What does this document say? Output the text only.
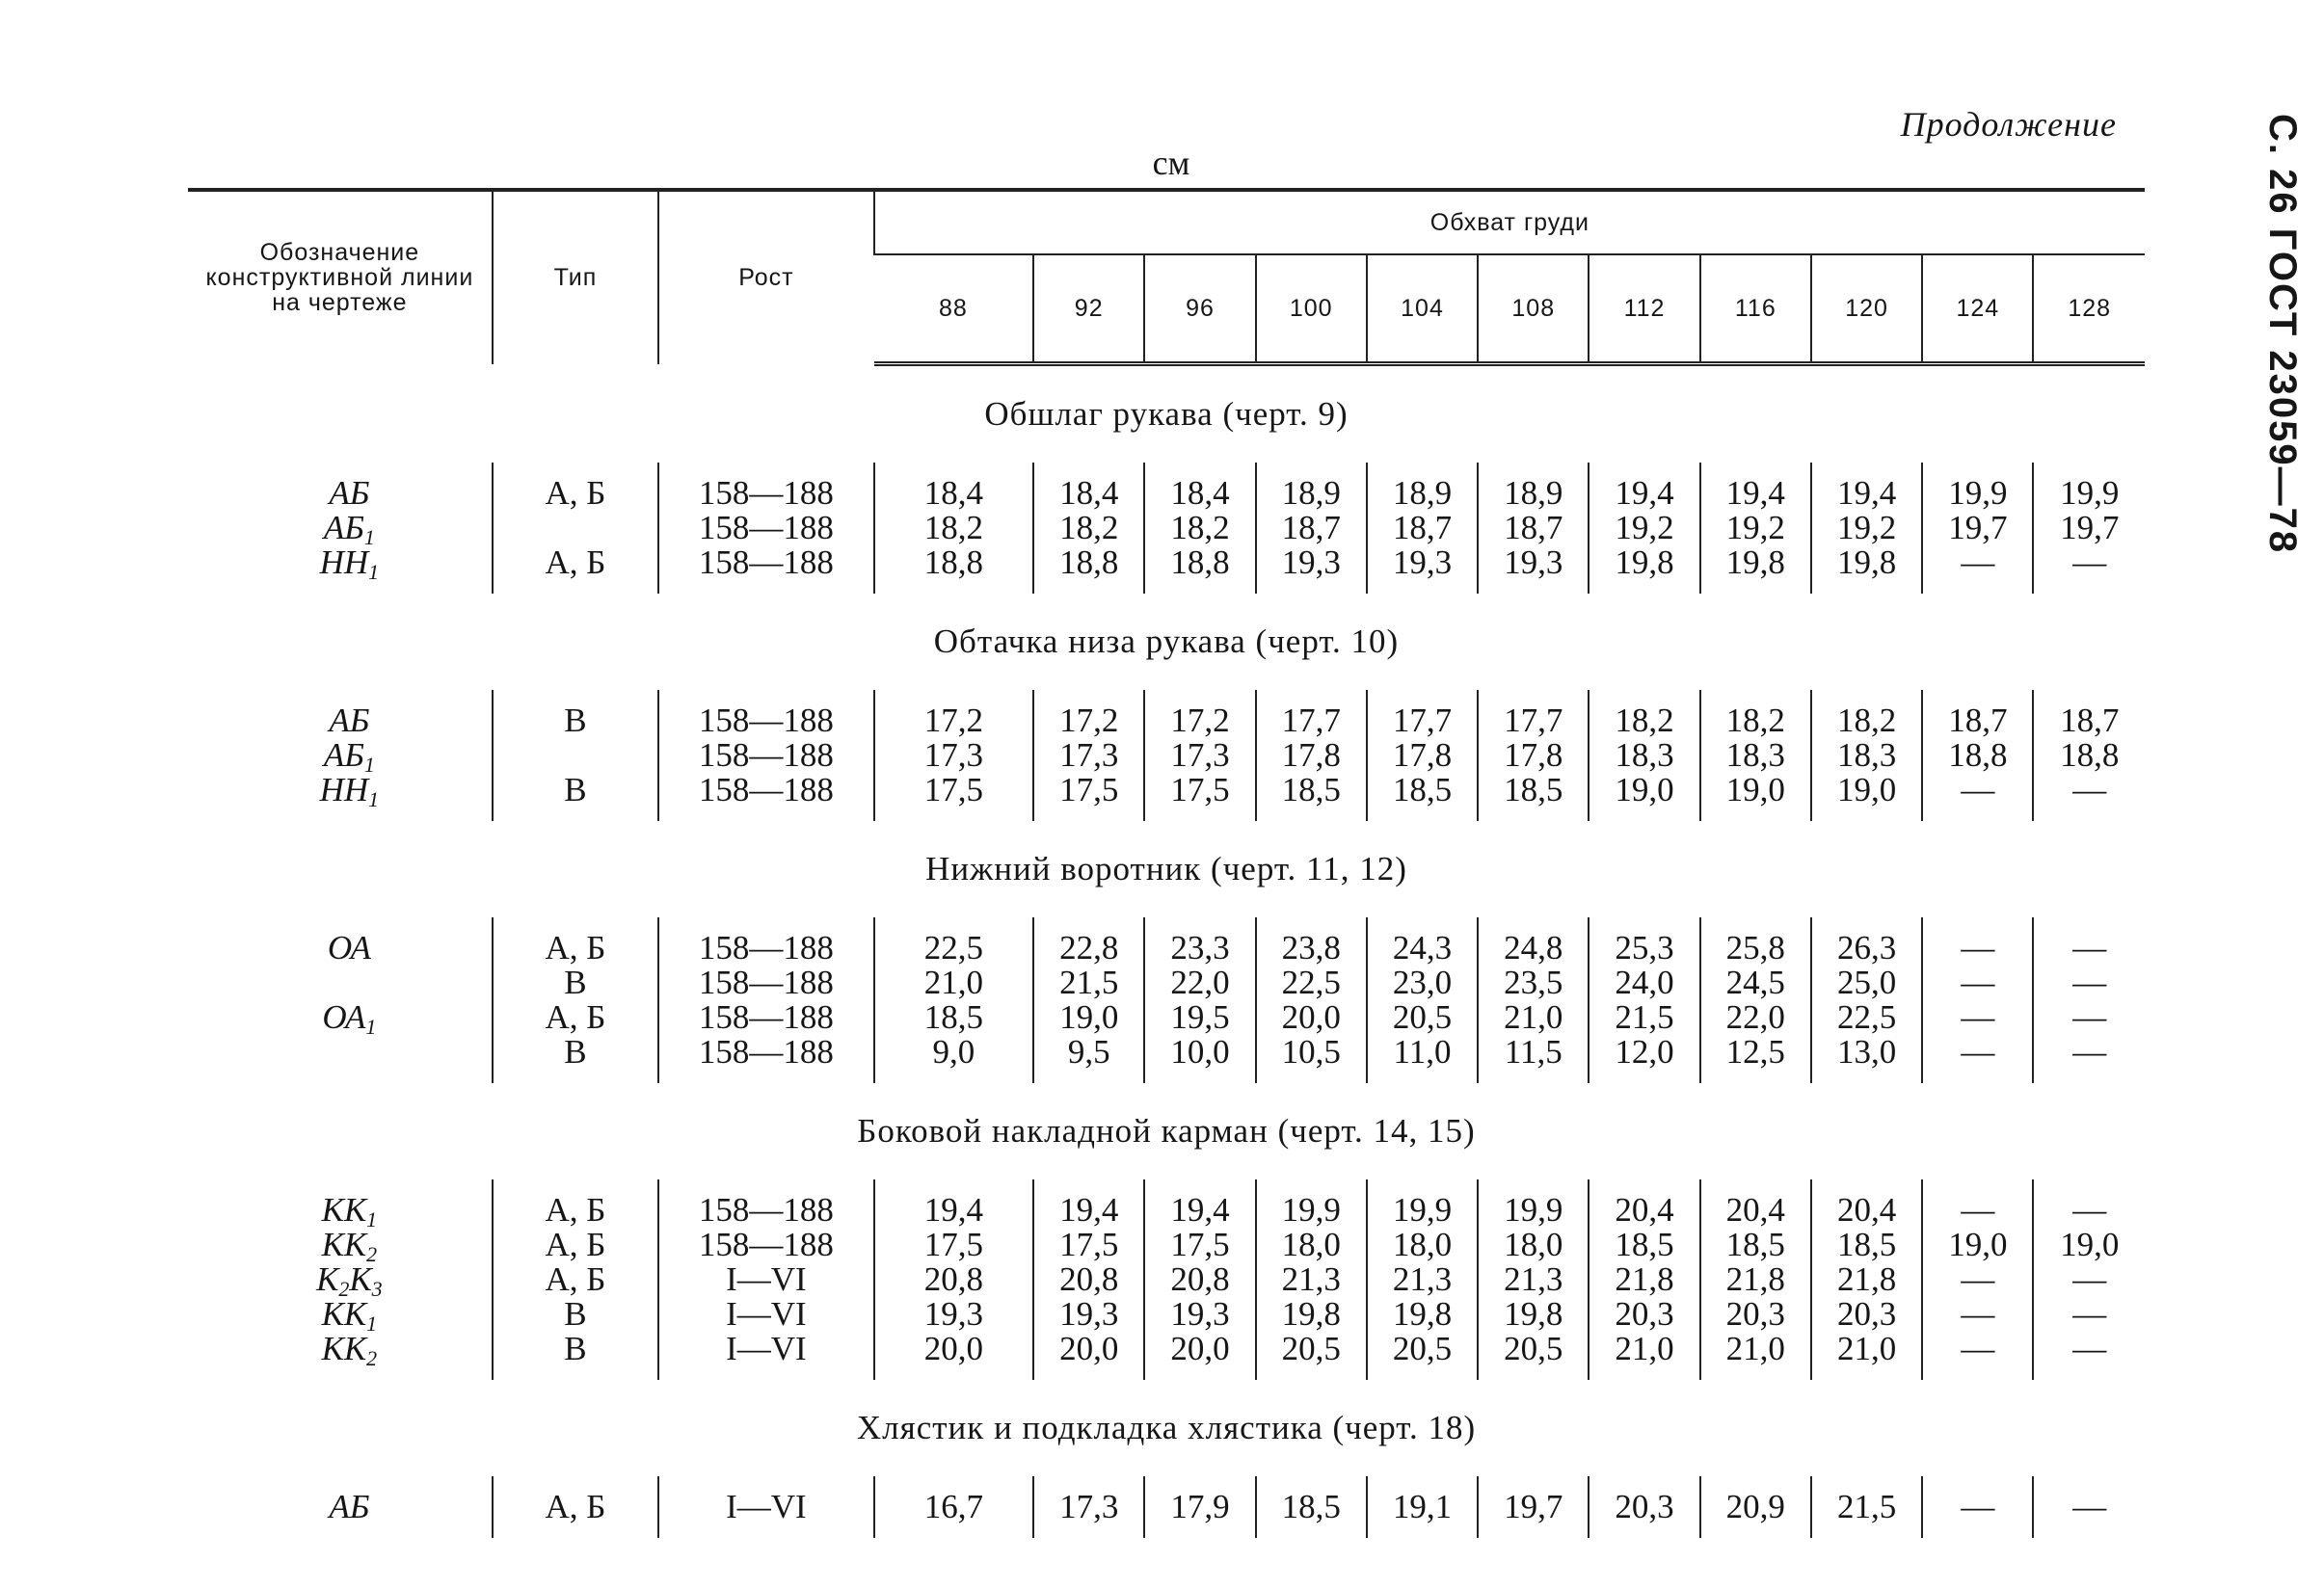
Продолжение	С. 26 ГОСТ 23059—78
см
Обозначение конструктивной линии на чертеже	Тип	Рост	Обхват груди										
			88	92	96	100	104	108	112	116	120	124	128
Обшлаг рукава (черт. 9)													
АБ	А, Б	158—188	18,4	18,4	18,4	18,9	18,9	18,9	19,4	19,4	19,4	19,9	19,9
$АБ_1$		158—188	18,2	18,2	18,2	18,7	18,7	18,7	19,2	19,2	19,2	19,7	19,7
$НН_1$	А, Б	158—188	18,8	18,8	18,8	19,3	19,3	19,3	19,8	19,8	19,8	—	—
Обтачка низа рукава (черт. 10)													
АБ	В	158—188	17,2	17,2	17,2	17,7	17,7	17,7	18,2	18,2	18,2	18,7	18,7
$АБ_1$		158—188	17,3	17,3	17,3	17,8	17,8	17,8	18,3	18,3	18,3	18,8	18,8
$НН_1$	В	158—188	17,5	17,5	17,5	18,5	18,5	18,5	19,0	19,0	19,0	—	—
Нижний воротник (черт. 11, 12)													
ОА	А, Б	158—188	22,5	22,8	23,3	23,8	24,3	24,8	25,3	25,8	26,3	—	—
	В	158—188	21,0	21,5	22,0	22,5	23,0	23,5	24,0	24,5	25,0	—	—
$ОА_1$	А, Б	158—188	18,5	19,0	19,5	20,0	20,5	21,0	21,5	22,0	22,5	—	—
	В	158—188	9,0	9,5	10,0	10,5	11,0	11,5	12,0	12,5	13,0	—	—
Боковой накладной карман (черт. 14, 15)													
$КК_1$	А, Б	158—188	19,4	19,4	19,4	19,9	19,9	19,9	20,4	20,4	20,4	—	—
$КК_2$	А, Б	158—188	17,5	17,5	17,5	18,0	18,0	18,0	18,5	18,5	18,5	19,0	19,0
$К_2К_3$	А, Б	I—VI	20,8	20,8	20,8	21,3	21,3	21,3	21,8	21,8	21,8	—	—
$КК_1$	В	I—VI	19,3	19,3	19,3	19,8	19,8	19,8	20,3	20,3	20,3	—	—
$КК_2$	В	I—VI	20,0	20,0	20,0	20,5	20,5	20,5	21,0	21,0	21,0	—	—
Хлястик и подкладка хлястика (черт. 18)													
АБ	А, Б	I—VI	16,7	17,3	17,9	18,5	19,1	19,7	20,3	20,9	21,5	—	—
